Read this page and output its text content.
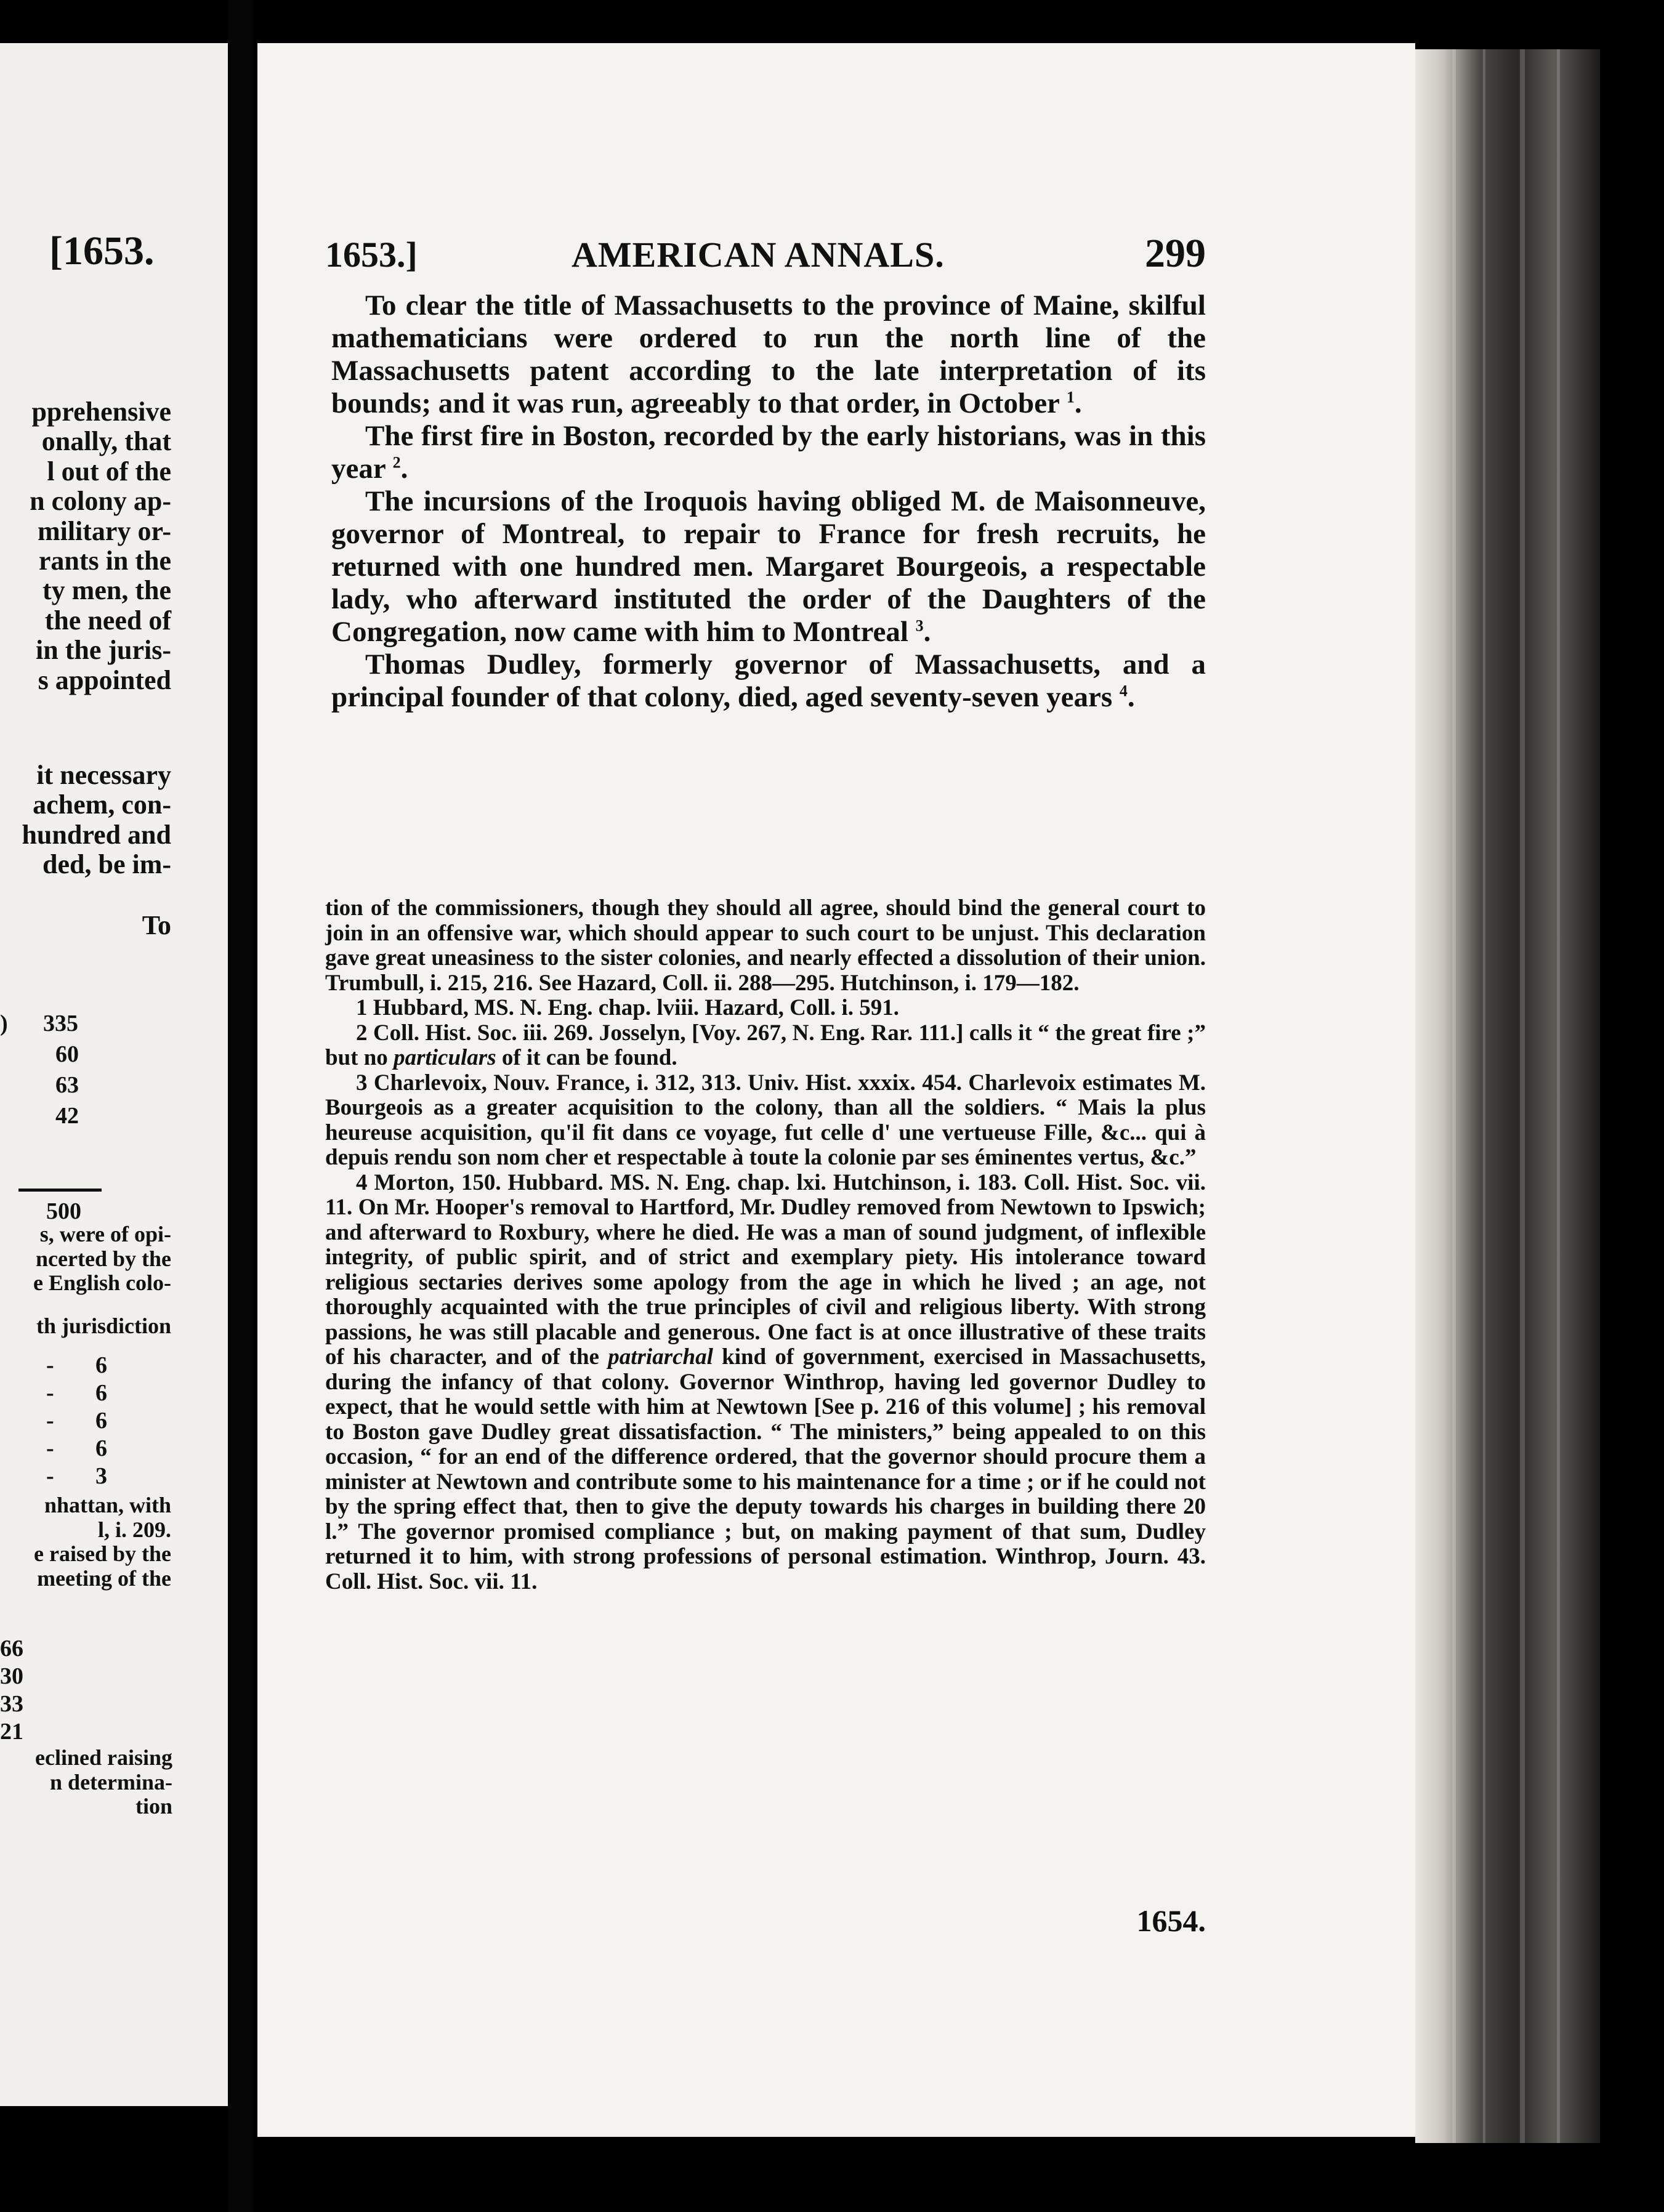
[1653.
pprehensive
onally, that
l out of the
n colony ap-
military or-
rants in the
ty men, the
the need of
in the juris-
s appointed
it necessary
achem, con-
hundred and
ded, be im-
To
) 335
60
63
42
500
s, were of opi-
ncerted by the
e English colo-
th jurisdiction
- 6
- 6
- 6
- 6
- 3
nhattan, with
l, i. 209.
e raised by the
meeting of the
66
30
33
21
eclined raising
n determina-
tion
1653.]	AMERICAN ANNALS.	299

To clear the title of Massachusetts to the province of Maine, skilful mathematicians were ordered to run the north line of the Massachusetts patent according to the late interpretation of its bounds; and it was run, agreeably to that order, in October $^1$.

The first fire in Boston, recorded by the early historians, was in this year $^2$.

The incursions of the Iroquois having obliged M. de Maisonneuve, governor of Montreal, to repair to France for fresh recruits, he returned with one hundred men. Margaret Bourgeois, a respectable lady, who afterward instituted the order of the Daughters of the Congregation, now came with him to Montreal $^3$.

Thomas Dudley, formerly governor of Massachusetts, and a principal founder of that colony, died, aged seventy-seven years $^4$.

tion of the commissioners, though they should all agree, should bind the general court to join in an offensive war, which should appear to such court to be unjust. This declaration gave great uneasiness to the sister colonies, and nearly effected a dissolution of their union. Trumbull, i. 215, 216. See Hazard, Coll. ii. 288—295. Hutchinson, i. 179—182.

1 Hubbard, MS. N. Eng. chap. lviii. Hazard, Coll. i. 591.

2 Coll. Hist. Soc. iii. 269. Josselyn, [Voy. 267, N. Eng. Rar. 111.] calls it “ the great fire ;” but no particulars of it can be found.

3 Charlevoix, Nouv. France, i. 312, 313. Univ. Hist. xxxix. 454. Charlevoix estimates M. Bourgeois as a greater acquisition to the colony, than all the soldiers. “ Mais la plus heureuse acquisition, qu'il fit dans ce voyage, fut celle d' une vertueuse Fille, &c... qui à depuis rendu son nom cher et respectable à toute la colonie par ses éminentes vertus, &c.”

4 Morton, 150. Hubbard. MS. N. Eng. chap. lxi. Hutchinson, i. 183. Coll. Hist. Soc. vii. 11. On Mr. Hooper's removal to Hartford, Mr. Dudley removed from Newtown to Ipswich; and afterward to Roxbury, where he died. He was a man of sound judgment, of inflexible integrity, of public spirit, and of strict and exemplary piety. His intolerance toward religious sectaries derives some apology from the age in which he lived ; an age, not thoroughly acquainted with the true principles of civil and religious liberty. With strong passions, he was still placable and generous. One fact is at once illustrative of these traits of his character, and of the patriarchal kind of government, exercised in Massachusetts, during the infancy of that colony. Governor Winthrop, having led governor Dudley to expect, that he would settle with him at Newtown [See p. 216 of this volume] ; his removal to Boston gave Dudley great dissatisfaction. “ The ministers,” being appealed to on this occasion, “ for an end of the difference ordered, that the governor should procure them a minister at Newtown and contribute some to his maintenance for a time ; or if he could not by the spring effect that, then to give the deputy towards his charges in building there 20 l.” The governor promised compliance ; but, on making payment of that sum, Dudley returned it to him, with strong professions of personal estimation. Winthrop, Journ. 43. Coll. Hist. Soc. vii. 11.

1654.
